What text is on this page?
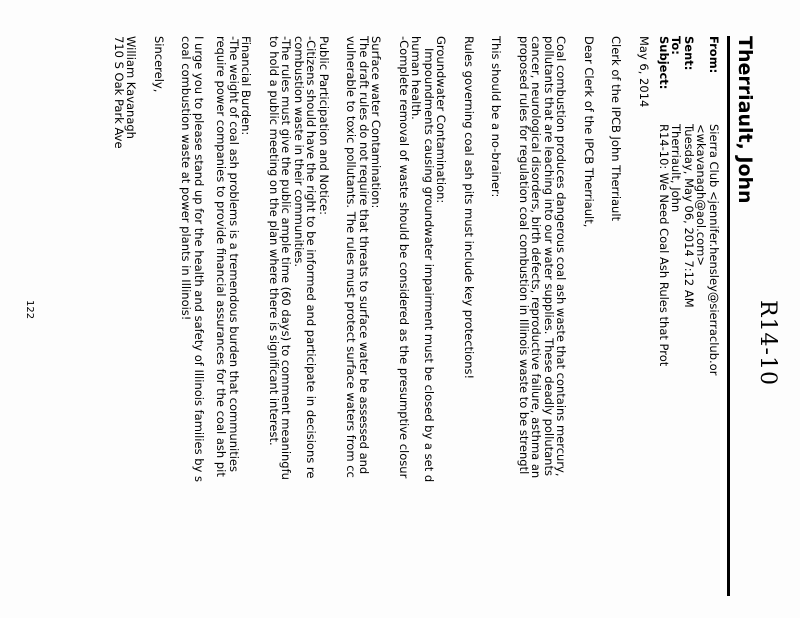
R14-10
Therriault, John
From:
Sierra Club <jennifer.hensley@sierraclub.or
<wkavanagh@aol.com>
Sent:
Tuesday, May 06, 2014 7:12 AM
To:
Therriault, John
Subject:
R14-10: We Need Coal Ash Rules that Prot

May 6, 2014

Clerk of the IPCB John Therriault

Dear Clerk of the IPCB Therriault,

Coal combustion produces dangerous coal ash waste that contains mercury,

pollutants that are leaching into our water supplies. These deadly pollutants

cancer, neurological disorders, birth defects, reproductive failure, asthma an

proposed rules for regulation coal combustion in Illinois waste to be strengtl

This should be a no-brainer:

Rules governing coal ash pits must include key protections!

Groundwater Contamination:

Impoundments causing groundwater impairment must be closed by a set d

human health.

-Complete removal of waste should be considered as the presumptive closur

Surface water Contamination:

The draft rules do not require that threats to surface water be assessed and

vulnerable to toxic pollutants. The rules must protect surface waters from cc

Public Participation and Notice:

-Citizens should have the right to be informed and participate in decisions re

combustion waste in their communities.

-The rules must give the public ample time (60 days) to comment meaningfu

to hold a public meeting on the plan where there is significant interest.

Financial Burden:

-The weight of coal ash problems is a tremendous burden that communities

require power companies to provide financial assurances for the coal ash pit

I urge you to please stand up for the health and safety of Illinois families by s

coal combustion waste at power plants in Illinois!

Sincerely,

William Kavanagh

710 S Oak Park Ave

122
